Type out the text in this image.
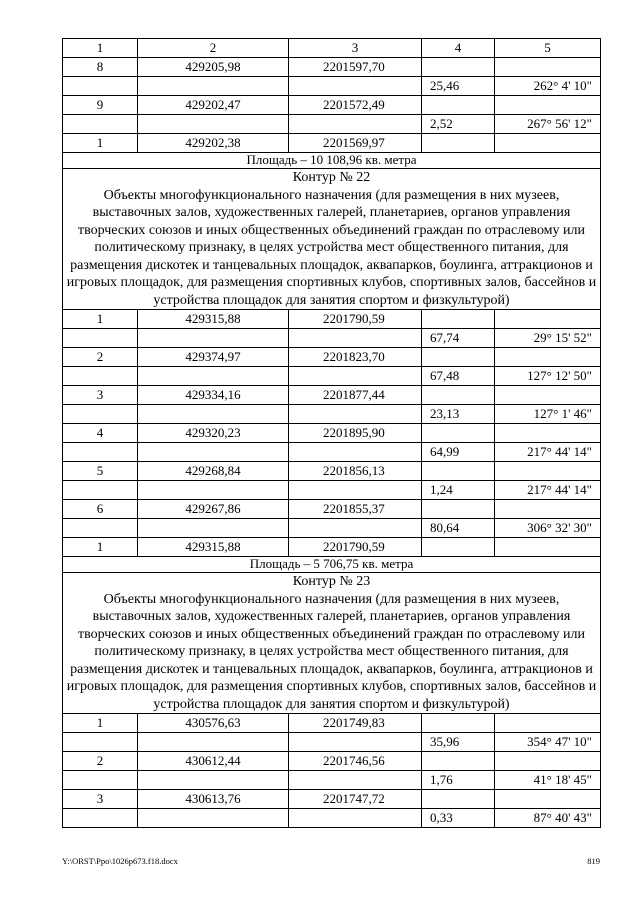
1	2	3	4	5
8	429205,98	2201597,70		
			25,46	262° 4' 10"
9	429202,47	2201572,49		
			2,52	267° 56' 12"
1	429202,38	2201569,97		
Площадь – 10 108,96 кв. метра				

Контур № 22
Объекты многофункционального назначения (для размещения в них музеев, выставочных залов, художественных галерей, планетариев, органов управления творческих союзов и иных общественных объединений граждан по отраслевому или политическому признаку, в целях устройства мест общественного питания, для размещения дискотек и танцевальных площадок, аквапарков, боулинга, аттракционов и игровых площадок, для размещения спортивных клубов, спортивных залов, бассейнов и устройства площадок для занятия спортом и физкультурой)				

1	429315,88	2201790,59		
			67,74	29° 15' 52"
2	429374,97	2201823,70		
			67,48	127° 12' 50"
3	429334,16	2201877,44		
			23,13	127° 1' 46"
4	429320,23	2201895,90		
			64,99	217° 44' 14"
5	429268,84	2201856,13		
			1,24	217° 44' 14"
6	429267,86	2201855,37		
			80,64	306° 32' 30"
1	429315,88	2201790,59		
Площадь – 5 706,75 кв. метра				

Контур № 23
Объекты многофункционального назначения (для размещения в них музеев, выставочных залов, художественных галерей, планетариев, органов управления творческих союзов и иных общественных объединений граждан по отраслевому или политическому признаку, в целях устройства мест общественного питания, для размещения дискотек и танцевальных площадок, аквапарков, боулинга, аттракционов и игровых площадок, для размещения спортивных клубов, спортивных залов, бассейнов и устройства площадок для занятия спортом и физкультурой)				

1	430576,63	2201749,83		
			35,96	354° 47' 10"
2	430612,44	2201746,56		
			1,76	41° 18' 45"
3	430613,76	2201747,72		
			0,33	87° 40' 43"
Y:\ORST\Ppo\1026p673.f18.docx	819
